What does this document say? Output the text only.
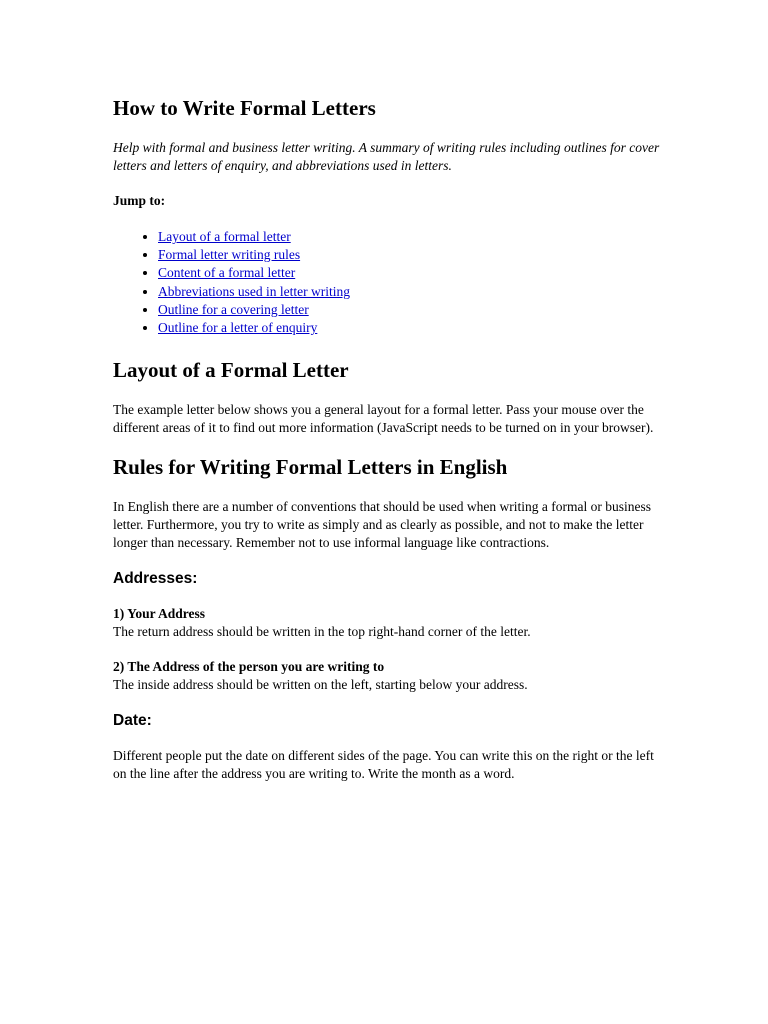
How to Write Formal Letters

Help with formal and business letter writing. A summary of writing rules including outlines for cover letters and letters of enquiry, and abbreviations used in letters.

Jump to:

• Layout of a formal letter
• Formal letter writing rules
• Content of a formal letter
• Abbreviations used in letter writing
• Outline for a covering letter
• Outline for a letter of enquiry
Layout of a Formal Letter

The example letter below shows you a general layout for a formal letter. Pass your mouse over the different areas of it to find out more information (JavaScript needs to be turned on in your browser).

Rules for Writing Formal Letters in English

In English there are a number of conventions that should be used when writing a formal or business letter. Furthermore, you try to write as simply and as clearly as possible, and not to make the letter longer than necessary. Remember not to use informal language like contractions.

Addresses:

1) Your Address
The return address should be written in the top right-hand corner of the letter.

2) The Address of the person you are writing to
The inside address should be written on the left, starting below your address.

Date:

Different people put the date on different sides of the page. You can write this on the right or the left on the line after the address you are writing to. Write the month as a word.
